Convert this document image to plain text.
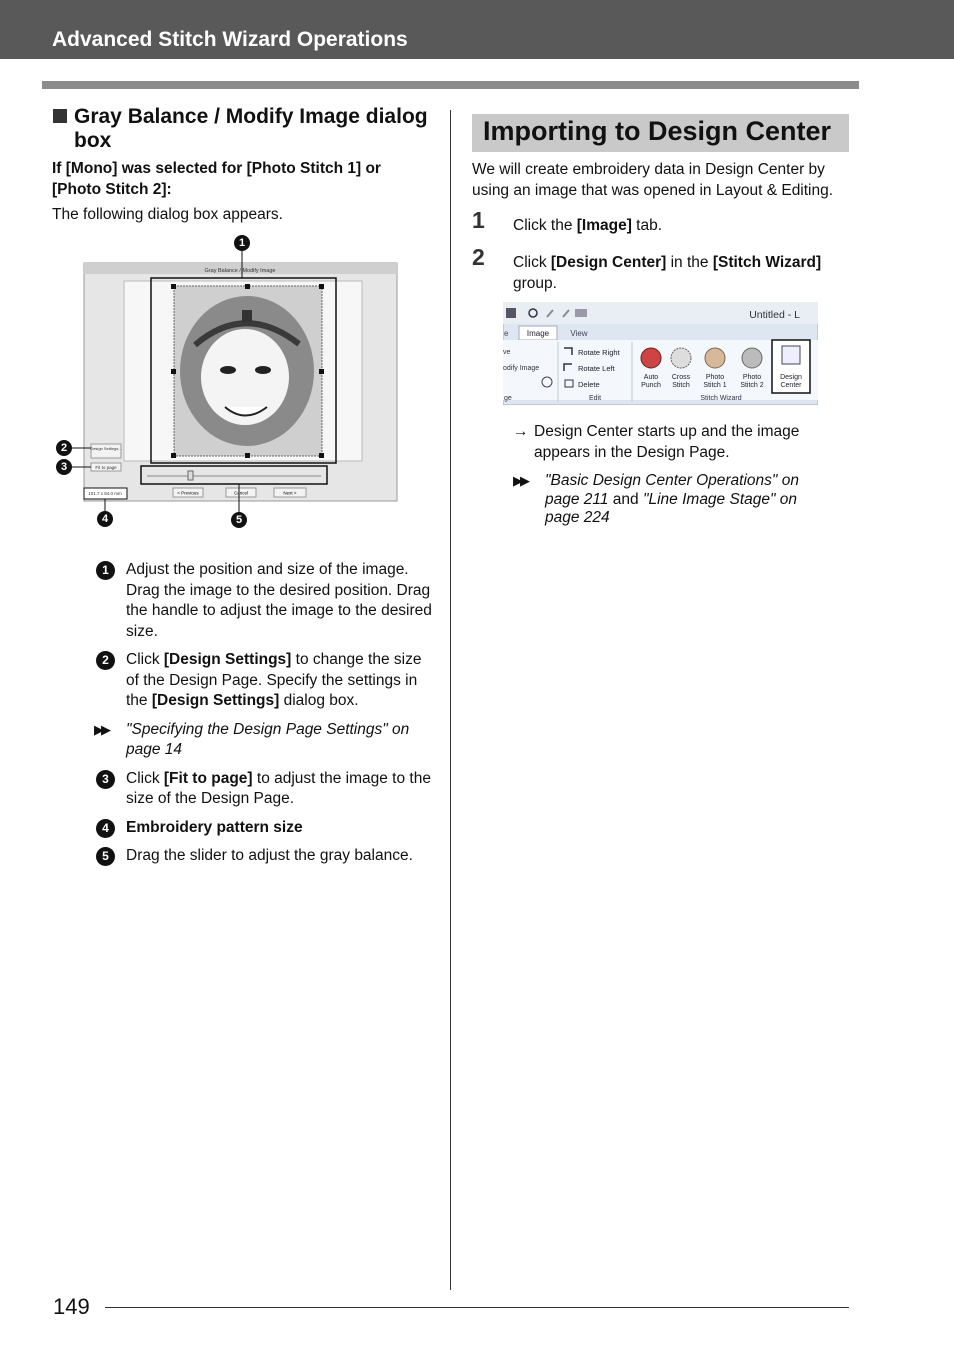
Advanced Stitch Wizard Operations
Gray Balance / Modify Image dialog box
If [Mono] was selected for [Photo Stitch 1] or [Photo Stitch 2]:
The following dialog box appears.
Gray Balance / Modify Image
Design Settings...
Fit to page
101.7 x 84.0 mm	< Previous	Cancel	Next >
1
2
3
4	5
1	Adjust the position and size of the image. Drag the image to the desired position. Drag the handle to adjust the image to the desired size.
2	Click [Design Settings] to change the size of the Design Page. Specify the settings in the [Design Settings] dialog box.
▶▶ "Specifying the Design Page Settings" on page 14
3	Click [Fit to page] to adjust the image to the size of the Design Page.
4	Embroidery pattern size
5	Drag the slider to adjust the gray balance.
Importing to Design Center
We will create embroidery data in Design Center by using an image that was opened in Layout & Editing.
1	Click the [Image] tab.
2	Click [Design Center] in the [Stitch Wizard] group.
Untitled - L
e Image	View
ve
odify Image
ge
Rotate Right
Rotate Left
Delete
Edit
Auto
Punch
Cross
Stitch
Photo
Stitch 1
Photo
Stitch 2
Design
Center
Stitch Wizard
→ Design Center starts up and the image appears in the Design Page.
▶▶	"Basic Design Center Operations" on page 211 and "Line Image Stage" on page 224
149
